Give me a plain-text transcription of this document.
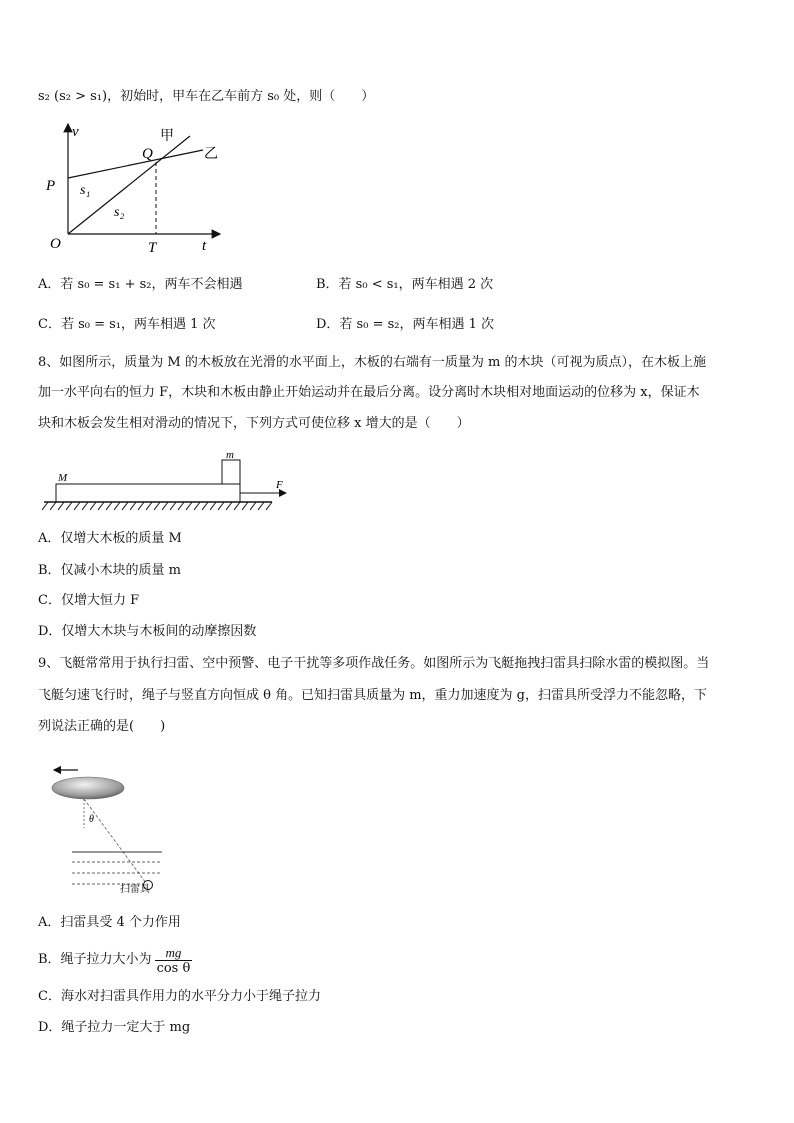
s₂ (s₂ > s₁)，初始时，甲车在乙车前方 s₀ 处，则（　　）
v
t
O
P
Q
T
甲
乙
s₁
s₂
A．若 s₀ = s₁ + s₂，两车不会相遇	B．若 s₀ < s₁，两车相遇 2 次
C．若 s₀ = s₁，两车相遇 1 次	D．若 s₀ = s₂，两车相遇 1 次
8、如图所示，质量为 M 的木板放在光滑的水平面上，木板的右端有一质量为 m 的木块（可视为质点），在木板上施
加一水平向右的恒力 F，木块和木板由静止开始运动并在最后分离。设分离时木块相对地面运动的位移为 x，保证木
块和木板会发生相对滑动的情况下，下列方式可使位移 x 增大的是（　　）
M
m
F
A．仅增大木板的质量 M
B．仅减小木块的质量 m
C．仅增大恒力 F
D．仅增大木块与木板间的动摩擦因数
9、飞艇常常用于执行扫雷、空中预警、电子干扰等多项作战任务。如图所示为飞艇拖拽扫雷具扫除水雷的模拟图。当
飞艇匀速飞行时，绳子与竖直方向恒成 θ 角。已知扫雷具质量为 m，重力加速度为 g，扫雷具所受浮力不能忽略，下
列说法正确的是(　　)
θ
扫雷具
A．扫雷具受 4 个力作用
B．绳子拉力大小为 mg
cos θ
C．海水对扫雷具作用力的水平分力小于绳子拉力
D．绳子拉力一定大于 mg
